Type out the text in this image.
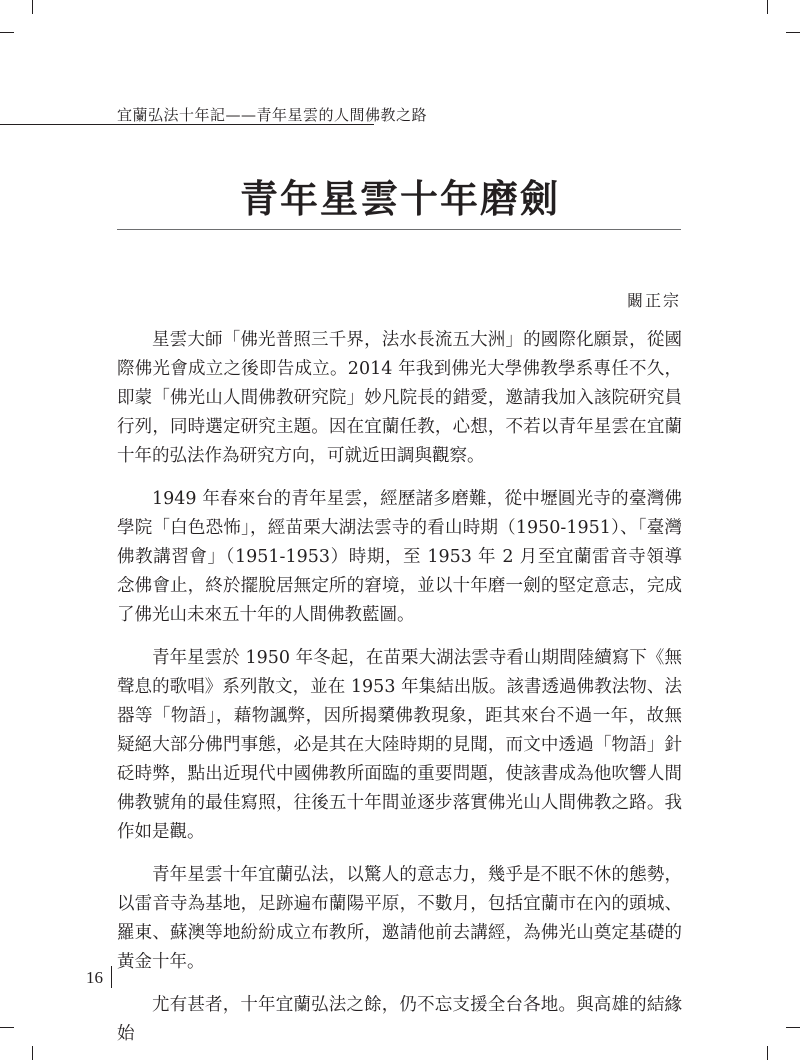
宜蘭弘法十年記——青年星雲的人間佛教之路
青年星雲十年磨劍
闞正宗

星雲大師「佛光普照三千界，法水長流五大洲」的國際化願景，從國際佛光會成立之後即告成立。2014 年我到佛光大學佛教學系專任不久，即蒙「佛光山人間佛教研究院」妙凡院長的錯愛，邀請我加入該院研究員行列，同時選定研究主題。因在宜蘭任教，心想，不若以青年星雲在宜蘭十年的弘法作為研究方向，可就近田調與觀察。

1949 年春來台的青年星雲，經歷諸多磨難，從中壢圓光寺的臺灣佛學院「白色恐怖」，經苗栗大湖法雲寺的看山時期（1950-1951）、「臺灣佛教講習會」（1951-1953）時期，至 1953 年 2 月至宜蘭雷音寺領導念佛會止，終於擺脫居無定所的窘境，並以十年磨一劍的堅定意志，完成了佛光山未來五十年的人間佛教藍圖。

青年星雲於 1950 年冬起，在苗栗大湖法雲寺看山期間陸續寫下《無聲息的歌唱》系列散文，並在 1953 年集結出版。該書透過佛教法物、法器等「物語」，藉物諷弊，因所揭櫫佛教現象，距其來台不過一年，故無疑絕大部分佛門事態，必是其在大陸時期的見聞，而文中透過「物語」針砭時弊，點出近現代中國佛教所面臨的重要問題，使該書成為他吹響人間佛教號角的最佳寫照，往後五十年間並逐步落實佛光山人間佛教之路。我作如是觀。

青年星雲十年宜蘭弘法，以驚人的意志力，幾乎是不眠不休的態勢，以雷音寺為基地，足跡遍布蘭陽平原，不數月，包括宜蘭市在內的頭城、羅東、蘇澳等地紛紛成立布教所，邀請他前去講經，為佛光山奠定基礎的黃金十年。

尤有甚者，十年宜蘭弘法之餘，仍不忘支援全台各地。與高雄的結緣始

16
